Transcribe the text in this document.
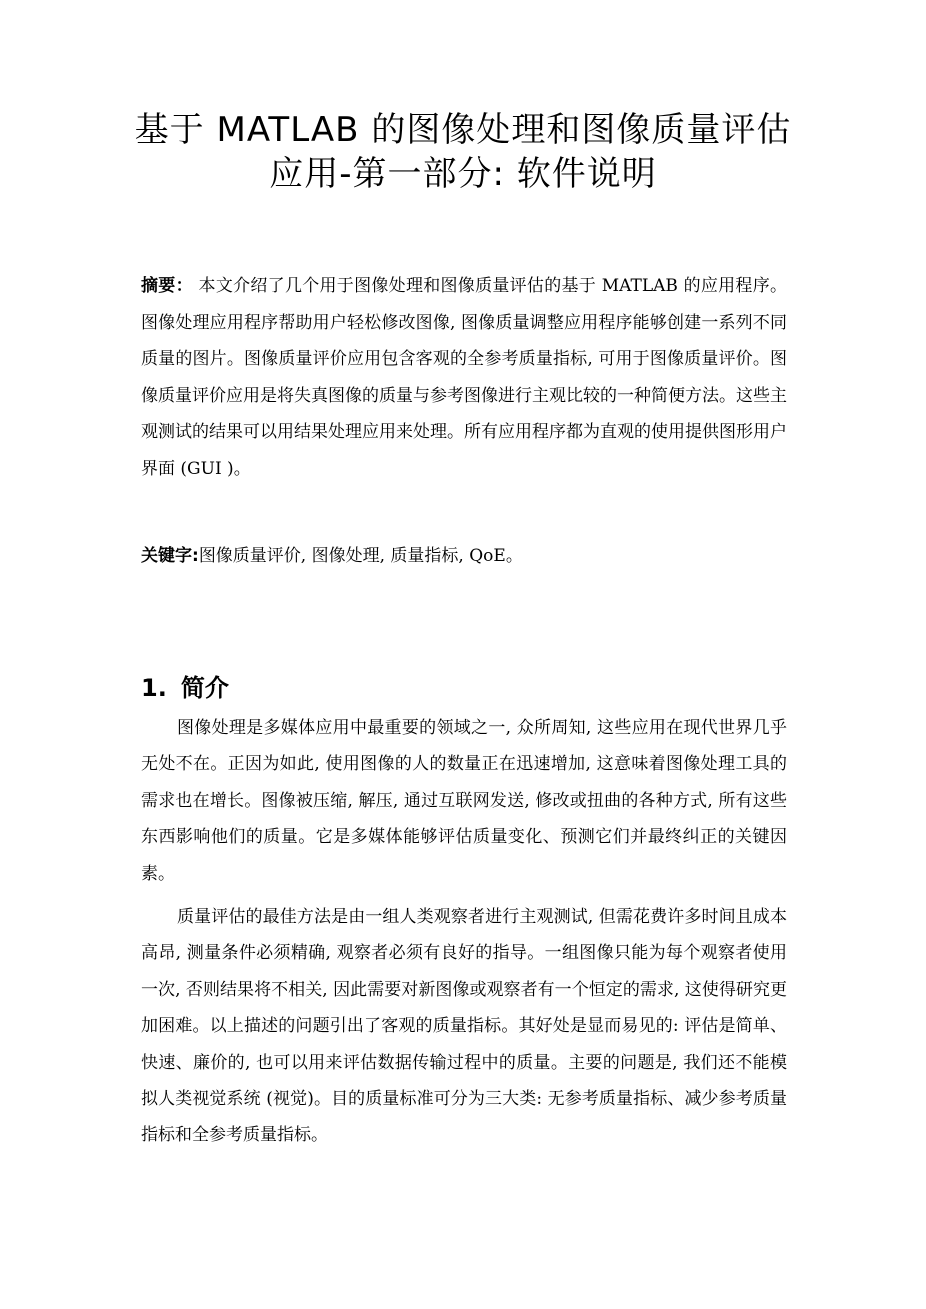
基于 MATLAB 的图像处理和图像质量评估
应用-第一部分: 软件说明

摘要： 本文介绍了几个用于图像处理和图像质量评估的基于 MATLAB 的应用程序。图像处理应用程序帮助用户轻松修改图像, 图像质量调整应用程序能够创建一系列不同质量的图片。图像质量评价应用包含客观的全参考质量指标, 可用于图像质量评价。图像质量评价应用是将失真图像的质量与参考图像进行主观比较的一种简便方法。这些主观测试的结果可以用结果处理应用来处理。所有应用程序都为直观的使用提供图形用户界面 (GUI )。

关键字:图像质量评价, 图像处理, 质量指标, QoE。

1. 简介

图像处理是多媒体应用中最重要的领域之一, 众所周知, 这些应用在现代世界几乎无处不在。正因为如此, 使用图像的人的数量正在迅速增加, 这意味着图像处理工具的需求也在增长。图像被压缩, 解压, 通过互联网发送, 修改或扭曲的各种方式, 所有这些东西影响他们的质量。它是多媒体能够评估质量变化、预测它们并最终纠正的关键因素。

质量评估的最佳方法是由一组人类观察者进行主观测试, 但需花费许多时间且成本高昂, 测量条件必须精确, 观察者必须有良好的指导。一组图像只能为每个观察者使用一次, 否则结果将不相关, 因此需要对新图像或观察者有一个恒定的需求, 这使得研究更加困难。以上描述的问题引出了客观的质量指标。其好处是显而易见的: 评估是简单、快速、廉价的, 也可以用来评估数据传输过程中的质量。主要的问题是, 我们还不能模拟人类视觉系统 (视觉)。目的质量标准可分为三大类: 无参考质量指标、减少参考质量指标和全参考质量指标。
